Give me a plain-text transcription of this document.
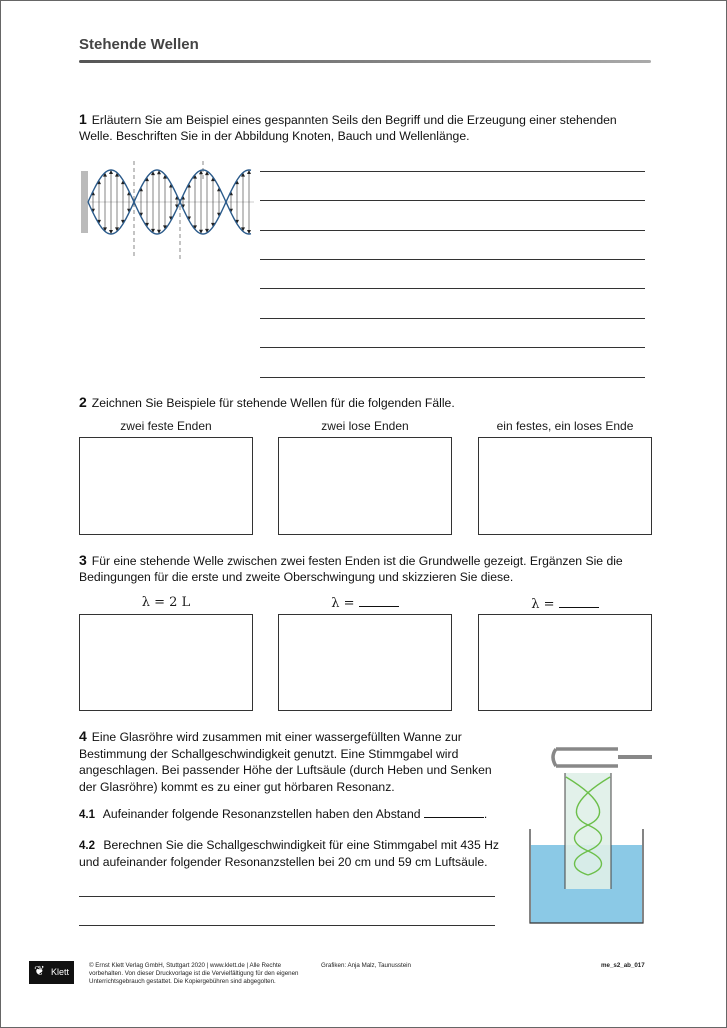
Stehende Wellen
1 Erläutern Sie am Beispiel eines gespannten Seils den Begriff und die Erzeugung einer stehenden
Welle. Beschriften Sie in der Abbildung Knoten, Bauch und Wellenlänge.
2 Zeichnen Sie Beispiele für stehende Wellen für die folgenden Fälle.
zwei feste Enden	zwei lose Enden	ein festes, ein loses Ende
3 Für eine stehende Welle zwischen zwei festen Enden ist die Grundwelle gezeigt. Ergänzen Sie die
Bedingungen für die erste und zweite Oberschwingung und skizzieren Sie diese.
λ = 2 L	λ =	λ =
4 Eine Glasröhre wird zusammen mit einer wassergefüllten Wanne zur
Bestimmung der Schallgeschwindigkeit genutzt. Eine Stimmgabel wird
angeschlagen. Bei passender Höhe der Luftsäule (durch Heben und Senken
der Glasröhre) kommt es zu einer gut hörbaren Resonanz.
4.1 Aufeinander folgende Resonanzstellen haben den Abstand	.
4.2 Berechnen Sie die Schallgeschwindigkeit für eine Stimmgabel mit 435 Hz
und aufeinander folgender Resonanzstellen bei 20 cm und 59 cm Luftsäule.
❦ Klett
© Ernst Klett Verlag GmbH, Stuttgart 2020 | www.klett.de | Alle Rechte
vorbehalten. Von dieser Druckvorlage ist die Vervielfältigung für den eigenen
Unterrichtsgebrauch gestattet. Die Kopiergebühren sind abgegolten.
Grafiken: Anja Malz, Taunusstein	me_s2_ab_017
